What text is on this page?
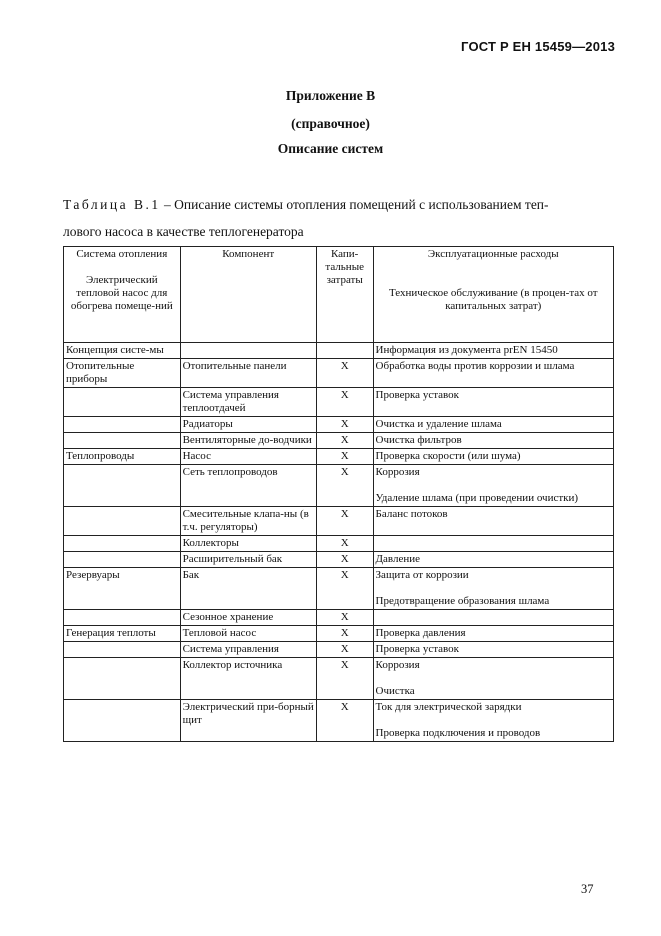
ГОСТ Р ЕН 15459—2013
Приложение В
(справочное)
Описание систем
Таблица В.1 – Описание системы отопления помещений с использованием теп-
лового насоса в качестве теплогенератора
Система отопления
Электрический тепловой насос для обогрева помеще-ний	Компонент	Капи-тальные затраты	Эксплуатационные расходы
Техническое обслуживание (в процен-тах от капитальных затрат)
Концепция систе-мы			Информация из документа prEN 15450

Отопительные приборы	Отопительные панели	X	Обработка воды против коррозии и шлама

	Система управления теплоотдачей	X	Проверка уставок

	Радиаторы	X	Очистка и удаление шлама

	Вентиляторные до-водчики	X	Очистка фильтров

Теплопроводы	Насос	X	Проверка скорости (или шума)

	Сеть теплопроводов	X	Коррозия
Удаление шлама (при проведении очистки)

	Смесительные клапа-ны (в т.ч. регуляторы)	X	Баланс потоков

	Коллекторы	X	
	Расширительный бак	X	Давление

Резервуары	Бак	X	Защита от коррозии
Предотвращение образования шлама

	Сезонное хранение	X	
Генерация теплоты	Тепловой насос	X	Проверка давления

	Система управления	X	Проверка уставок

	Коллектор источника	X	Коррозия
Очистка

	Электрический при-борный щит	X	Ток для электрической зарядки
Проверка подключения и проводов
37
